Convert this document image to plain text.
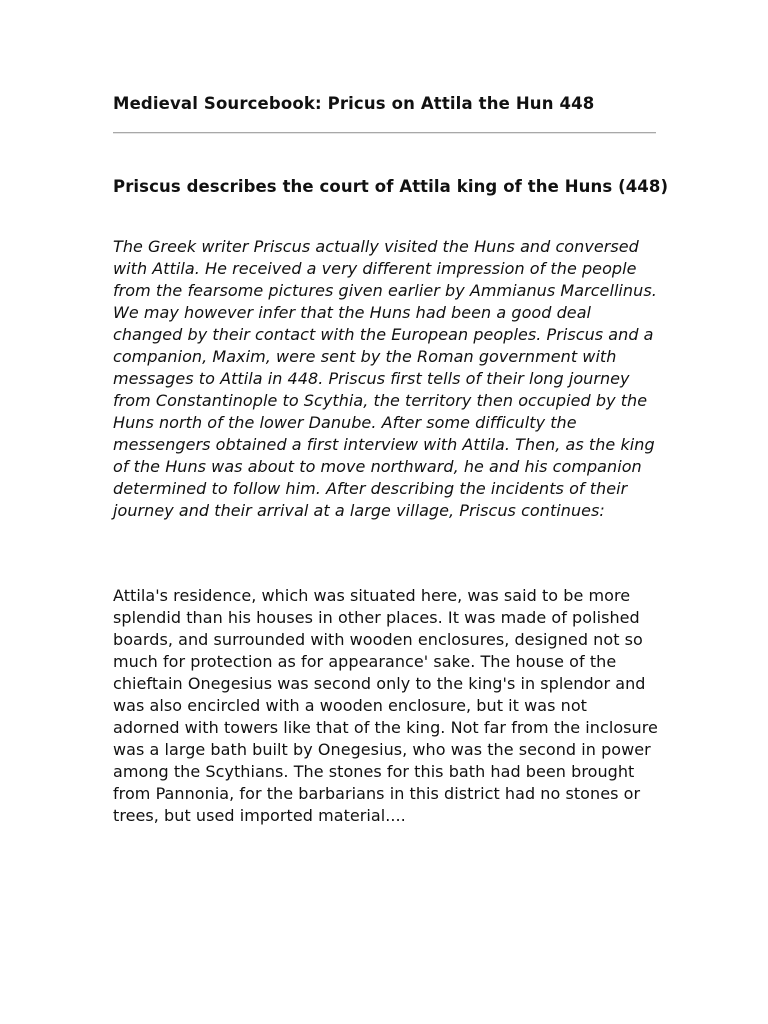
Medieval Sourcebook: Pricus on Attila the Hun 448
Priscus describes the court of Attila king of the Huns (448)

The Greek writer Priscus actually visited the Huns and conversed with Attila. He received a very different impression of the people from the fearsome pictures given earlier by Ammianus Marcellinus. We may however infer that the Huns had been a good deal changed by their contact with the European peoples. Priscus and a companion, Maxim, were sent by the Roman government with messages to Attila in 448. Priscus first tells of their long journey from Constantinople to Scythia, the territory then occupied by the Huns north of the lower Danube. After some difficulty the messengers obtained a first interview with Attila. Then, as the king of the Huns was about to move northward, he and his companion determined to follow him. After describing the incidents of their journey and their arrival at a large village, Priscus continues:

Attila's residence, which was situated here, was said to be more splendid than his houses in other places. It was made of polished boards, and surrounded with wooden enclosures, designed not so much for protection as for appearance' sake. The house of the chieftain Onegesius was second only to the king's in splendor and was also encircled with a wooden enclosure, but it was not adorned with towers like that of the king. Not far from the inclosure was a large bath built by Onegesius, who was the second in power among the Scythians. The stones for this bath had been brought from Pannonia, for the barbarians in this district had no stones or trees, but used imported material....
